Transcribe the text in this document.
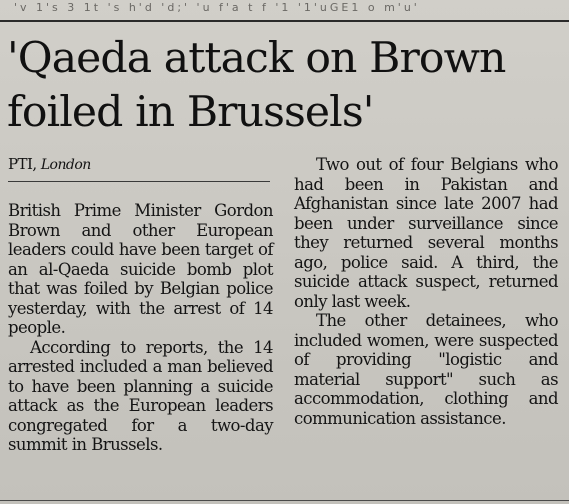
'v 1's 3 1t 's h'd 'd;' 'u f'a t f '1 '1'uGE1 o m'u'
'Qaeda attack on Brown
foiled in Brussels'
PTI, London

British Prime Minister Gordon Brown and other European leaders could have been target of an al-Qaeda suicide bomb plot that was foiled by Belgian police yesterday, with the arrest of 14 people.

According to reports, the 14 arrested included a man believed to have been planning a suicide attack as the European leaders congregated for a two-day summit in Brussels.

Two out of four Belgians who had been in Pakistan and Afghanistan since late 2007 had been under surveillance since they returned several months ago, police said. A third, the suicide attack suspect, returned only last week.

The other detainees, who included women, were suspected of providing "logistic and material support" such as accommodation, clothing and communication assistance.
